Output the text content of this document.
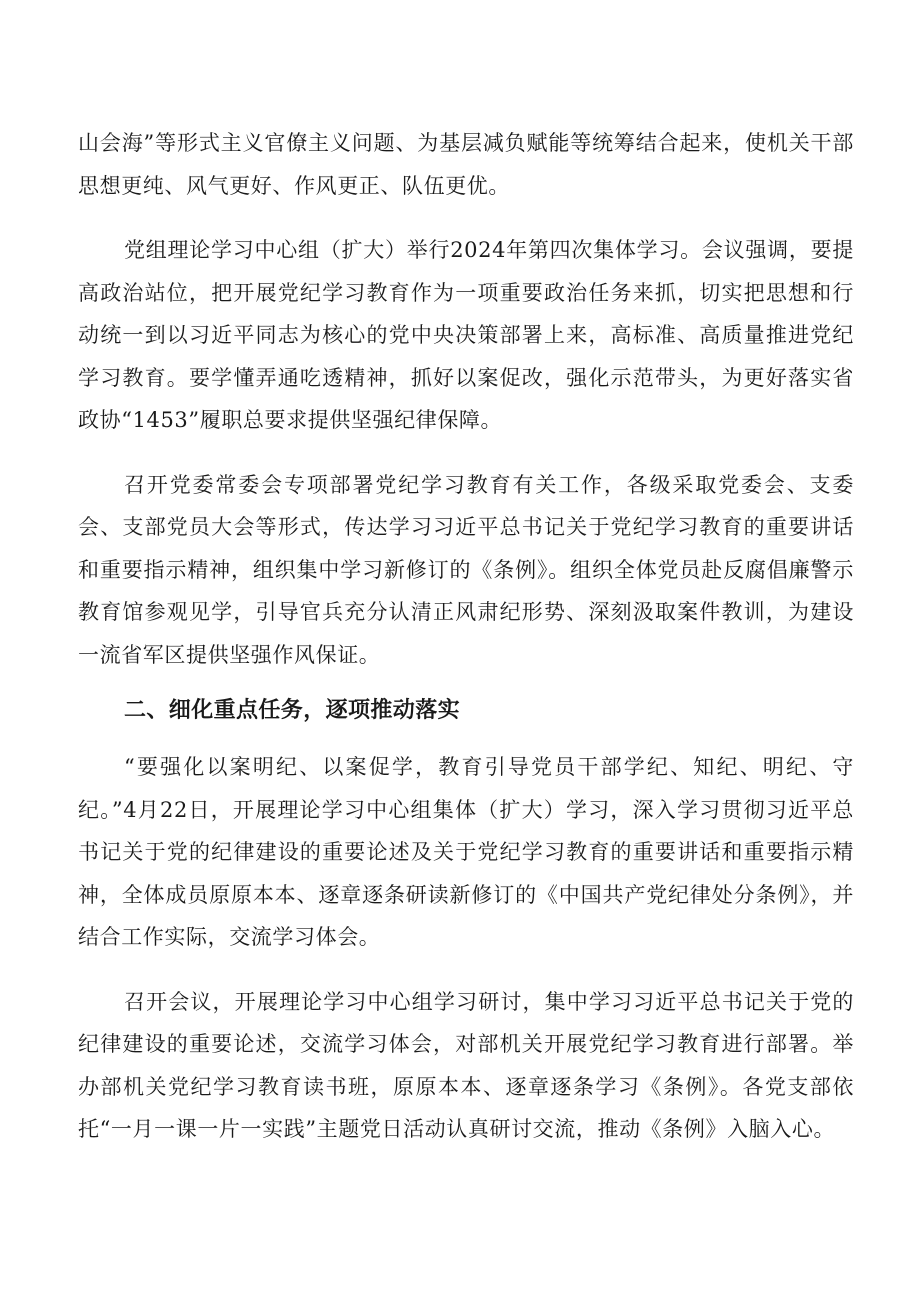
山会海”等形式主义官僚主义问题、为基层减负赋能等统筹结合起来，使机关干部思想更纯、风气更好、作风更正、队伍更优。

党组理论学习中心组（扩大）举行2024年第四次集体学习。会议强调，要提高政治站位，把开展党纪学习教育作为一项重要政治任务来抓，切实把思想和行动统一到以习近平同志为核心的党中央决策部署上来，高标准、高质量推进党纪学习教育。要学懂弄通吃透精神，抓好以案促改，强化示范带头，为更好落实省政协“1453”履职总要求提供坚强纪律保障。

召开党委常委会专项部署党纪学习教育有关工作，各级采取党委会、支委会、支部党员大会等形式，传达学习习近平总书记关于党纪学习教育的重要讲话和重要指示精神，组织集中学习新修订的《条例》。组织全体党员赴反腐倡廉警示教育馆参观见学，引导官兵充分认清正风肃纪形势、深刻汲取案件教训，为建设一流省军区提供坚强作风保证。

二、细化重点任务，逐项推动落实

“要强化以案明纪、以案促学，教育引导党员干部学纪、知纪、明纪、守纪。”4月22日，开展理论学习中心组集体（扩大）学习，深入学习贯彻习近平总书记关于党的纪律建设的重要论述及关于党纪学习教育的重要讲话和重要指示精神，全体成员原原本本、逐章逐条研读新修订的《中国共产党纪律处分条例》，并结合工作实际，交流学习体会。

召开会议，开展理论学习中心组学习研讨，集中学习习近平总书记关于党的纪律建设的重要论述，交流学习体会，对部机关开展党纪学习教育进行部署。举办部机关党纪学习教育读书班，原原本本、逐章逐条学习《条例》。各党支部依托“一月一课一片一实践”主题党日活动认真研讨交流，推动《条例》入脑入心。
